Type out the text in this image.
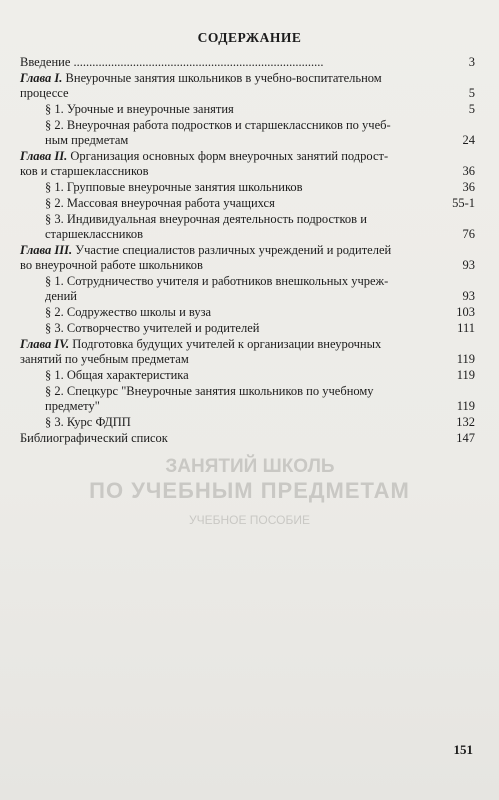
ЗАНЯТИЙ ШКОЛЬ
ПО УЧЕБНЫМ ПРЕДМЕТАМ
УЧЕБНОЕ ПОСОБИЕ
СОДЕРЖАНИЕ
Введение ................................................................................	3
Глава I. Внеурочные занятия школьников в учебно-воспитательном
процессе	5
§ 1. Урочные и внеурочные занятия	5
§ 2. Внеурочная работа подростков и старшеклассников по учеб-
ным предметам	24
Глава II. Организация основных форм внеурочных занятий подрост-
ков и старшеклассников	36
§ 1. Групповые внеурочные занятия школьников	36
§ 2. Массовая внеурочная работа учащихся	55-1
§ 3. Индивидуальная внеурочная деятельность подростков и
старшеклассников	76
Глава III. Участие специалистов различных учреждений и родителей
во внеурочной работе школьников	93
§ 1. Сотрудничество учителя и работников внешкольных учреж-
дений	93
§ 2. Содружество школы и вуза	103
§ 3. Сотворчество учителей и родителей	111
Глава IV. Подготовка будущих учителей к организации внеурочных
занятий по учебным предметам	119
§ 1. Общая характеристика	119
§ 2. Спецкурс "Внеурочные занятия школьников по учебному
предмету"	119
§ 3. Курс ФДПП	132
Библиографический список	147
151
